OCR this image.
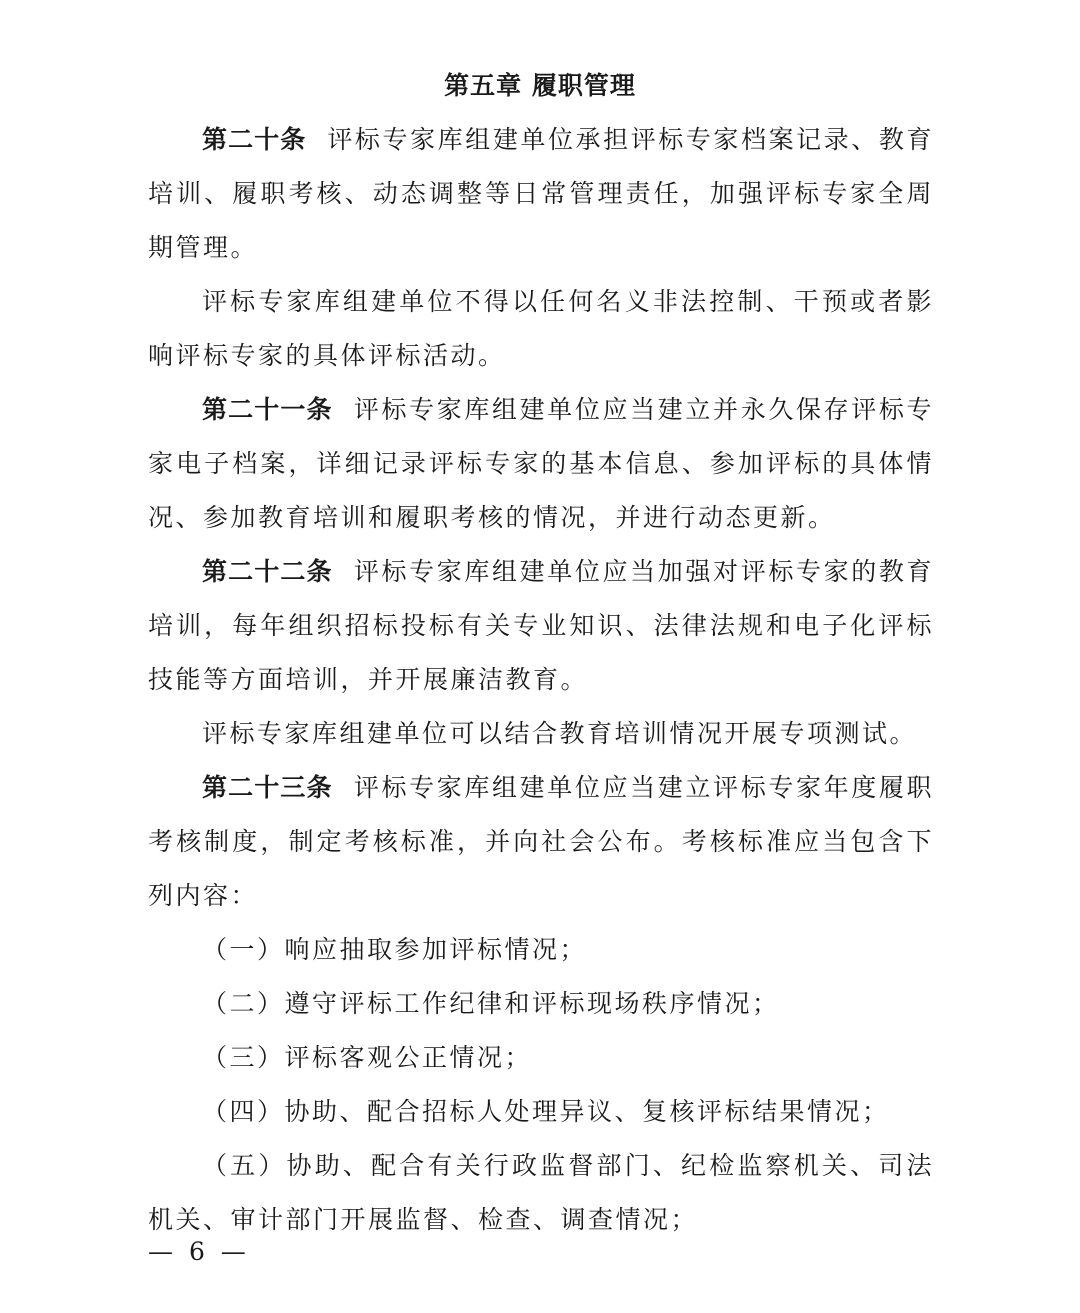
第五章 履职管理

第二十条 评标专家库组建单位承担评标专家档案记录、教育培训、履职考核、动态调整等日常管理责任，加强评标专家全周期管理。

评标专家库组建单位不得以任何名义非法控制、干预或者影响评标专家的具体评标活动。

第二十一条 评标专家库组建单位应当建立并永久保存评标专家电子档案，详细记录评标专家的基本信息、参加评标的具体情况、参加教育培训和履职考核的情况，并进行动态更新。

第二十二条 评标专家库组建单位应当加强对评标专家的教育培训，每年组织招标投标有关专业知识、法律法规和电子化评标技能等方面培训，并开展廉洁教育。

评标专家库组建单位可以结合教育培训情况开展专项测试。

第二十三条 评标专家库组建单位应当建立评标专家年度履职考核制度，制定考核标准，并向社会公布。考核标准应当包含下列内容：

（一）响应抽取参加评标情况；

（二）遵守评标工作纪律和评标现场秩序情况；

（三）评标客观公正情况；

（四）协助、配合招标人处理异议、复核评标结果情况；

（五）协助、配合有关行政监督部门、纪检监察机关、司法机关、审计部门开展监督、检查、调查情况；

— 6 —
